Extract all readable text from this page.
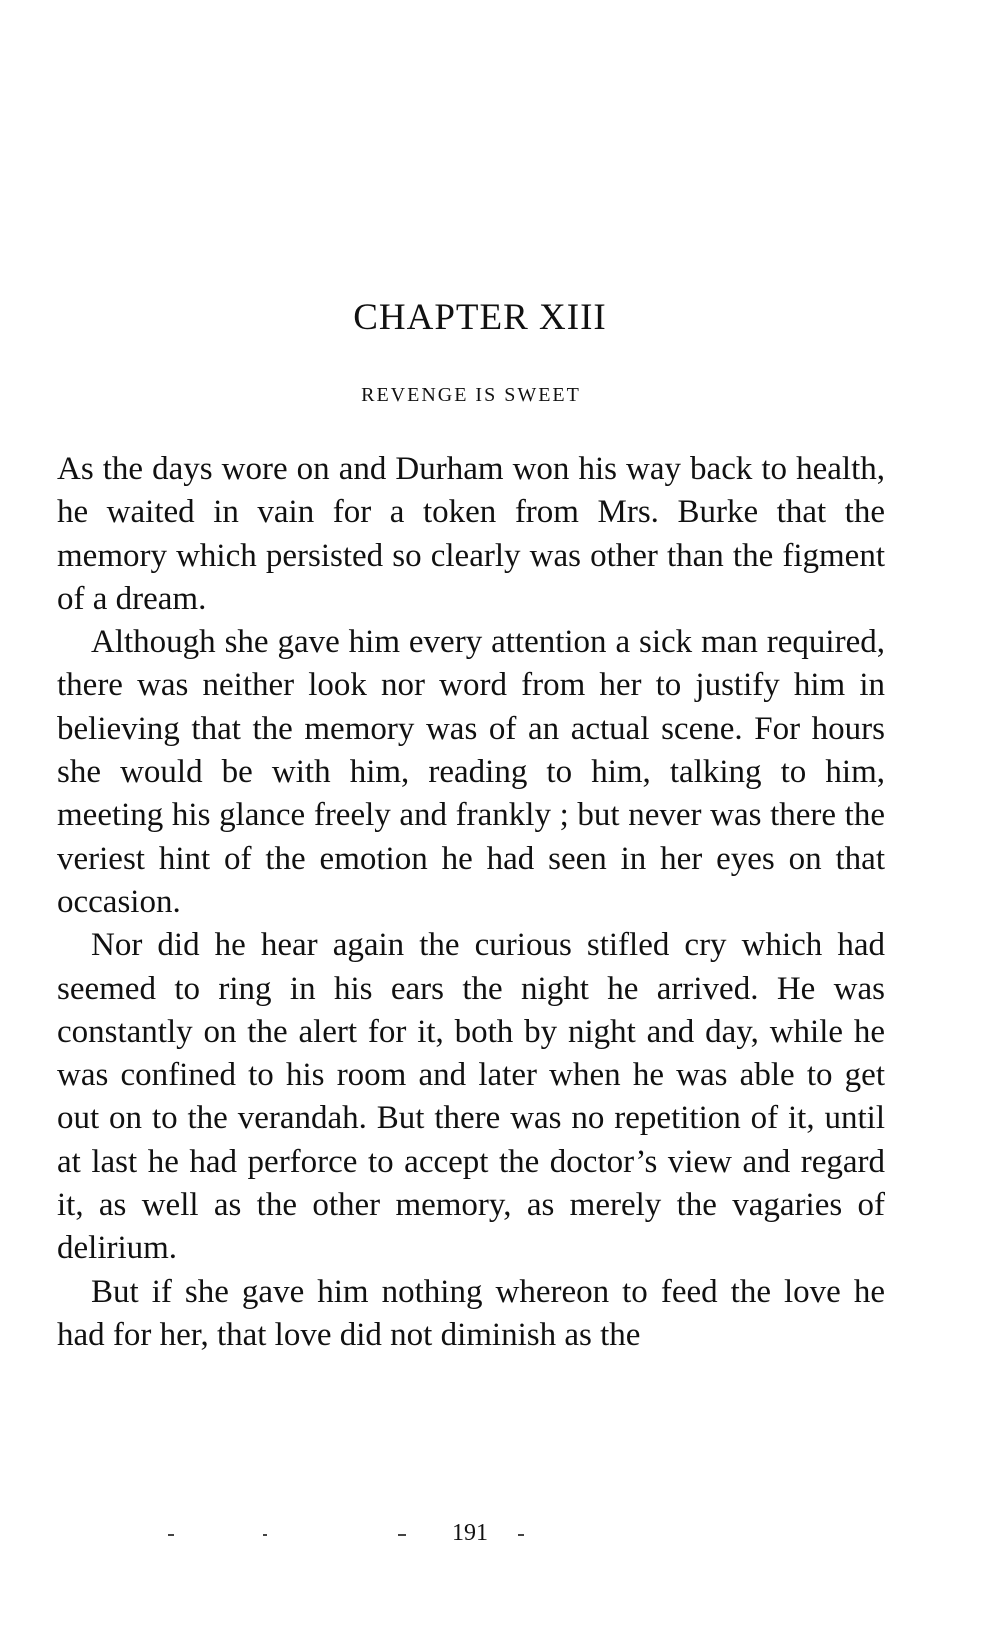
CHAPTER XIII
REVENGE IS SWEET

As the days wore on and Durham won his way back to health, he waited in vain for a token from Mrs. Burke that the memory which persisted so clearly was other than the figment of a dream.

Although she gave him every attention a sick man required, there was neither look nor word from her to justify him in believing that the memory was of an actual scene. For hours she would be with him, reading to him, talking to him, meeting his glance freely and frankly ; but never was there the veriest hint of the emotion he had seen in her eyes on that occasion.

Nor did he hear again the curious stifled cry which had seemed to ring in his ears the night he arrived. He was constantly on the alert for it, both by night and day, while he was confined to his room and later when he was able to get out on to the verandah. But there was no repetition of it, until at last he had perforce to accept the doctor’s view and regard it, as well as the other memory, as merely the vagaries of delirium.

But if she gave him nothing whereon to feed the love he had for her, that love did not diminish as the

191
